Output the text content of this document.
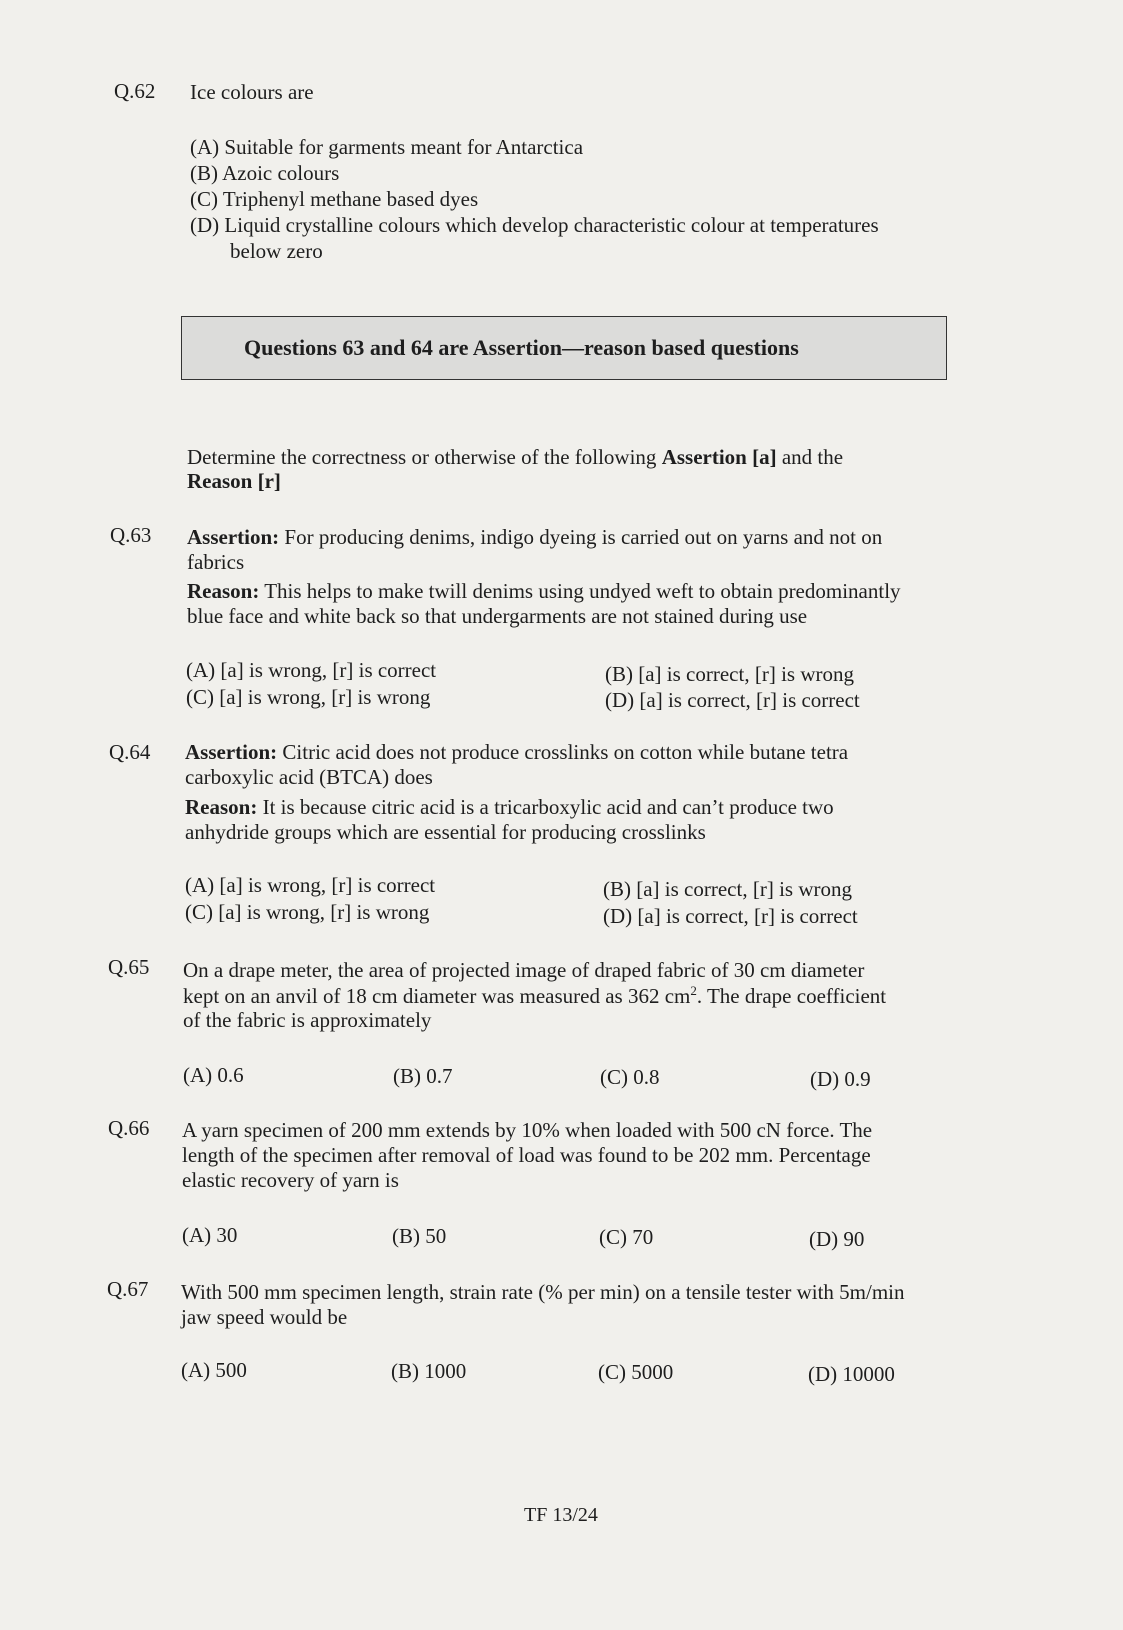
Q.62 Ice colours are
(A) Suitable for garments meant for Antarctica
(B) Azoic colours
(C) Triphenyl methane based dyes
(D) Liquid crystalline colours which develop characteristic colour at temperatures
below zero
Questions 63 and 64 are Assertion—reason based questions
Determine the correctness or otherwise of the following Assertion [a] and the
Reason [r]
Q.63 Assertion: For producing denims, indigo dyeing is carried out on yarns and not on
fabrics
Reason: This helps to make twill denims using undyed weft to obtain predominantly
blue face and white back so that undergarments are not stained during use
(A) [a] is wrong, [r] is correct	(B) [a] is correct, [r] is wrong
(C) [a] is wrong, [r] is wrong	(D) [a] is correct, [r] is correct
Q.64 Assertion: Citric acid does not produce crosslinks on cotton while butane tetra
carboxylic acid (BTCA) does
Reason: It is because citric acid is a tricarboxylic acid and can’t produce two
anhydride groups which are essential for producing crosslinks
(A) [a] is wrong, [r] is correct	(B) [a] is correct, [r] is wrong
(C) [a] is wrong, [r] is wrong	(D) [a] is correct, [r] is correct
Q.65 On a drape meter, the area of projected image of draped fabric of 30 cm diameter
kept on an anvil of 18 cm diameter was measured as 362 $cm^2$. The drape coefficient
of the fabric is approximately
(A) 0.6	(B) 0.7	(C) 0.8	(D) 0.9
Q.66 A yarn specimen of 200 mm extends by 10% when loaded with 500 cN force. The
length of the specimen after removal of load was found to be 202 mm. Percentage
elastic recovery of yarn is
(A) 30	(B) 50	(C) 70	(D) 90
Q.67 With 500 mm specimen length, strain rate (% per min) on a tensile tester with 5m/min
jaw speed would be
(A) 500	(B) 1000	(C) 5000	(D) 10000
TF 13/24
